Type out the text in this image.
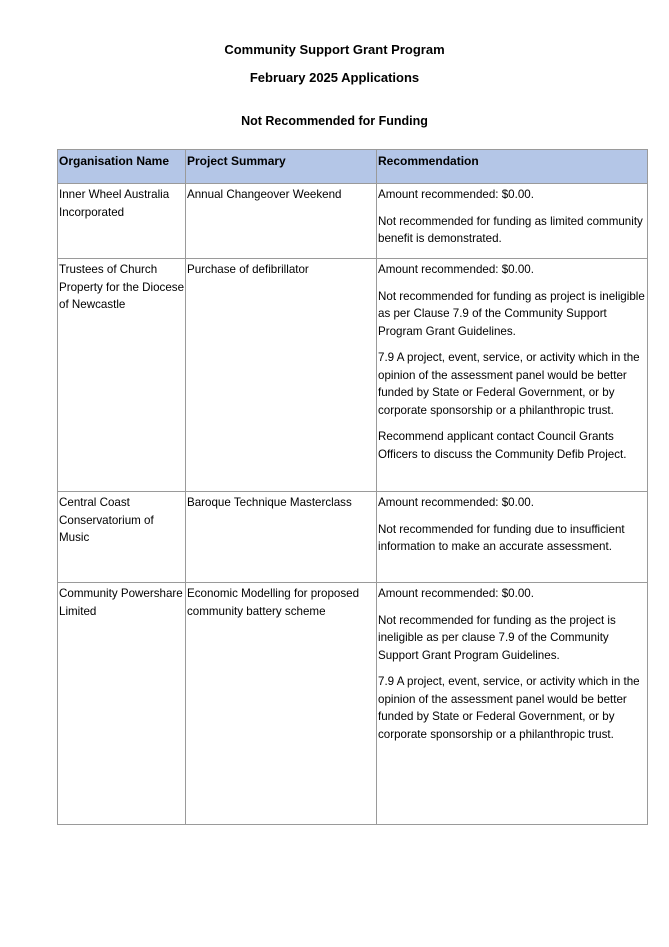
Community Support Grant Program
February 2025 Applications
Not Recommended for Funding
Organisation Name	Project Summary	Recommendation
Inner Wheel Australia Incorporated	Annual Changeover Weekend	Amount recommended: $0.00.

Not recommended for funding as limited community benefit is demonstrated.

Trustees of Church Property for the Diocese of Newcastle	Purchase of defibrillator	Amount recommended: $0.00.

Not recommended for funding as project is ineligible as per Clause 7.9 of the Community Support Program Grant Guidelines.

7.9 A project, event, service, or activity which in the opinion of the assessment panel would be better funded by State or Federal Government, or by corporate sponsorship or a philanthropic trust.

Recommend applicant contact Council Grants Officers to discuss the Community Defib Project.

Central Coast Conservatorium of Music	Baroque Technique Masterclass	Amount recommended: $0.00.

Not recommended for funding due to insufficient information to make an accurate assessment.

Community Powershare Limited	Economic Modelling for proposed community battery scheme	Amount recommended: $0.00.

Not recommended for funding as the project is ineligible as per clause 7.9 of the Community Support Grant Program Guidelines.

7.9 A project, event, service, or activity which in the opinion of the assessment panel would be better funded by State or Federal Government, or by corporate sponsorship or a philanthropic trust.
